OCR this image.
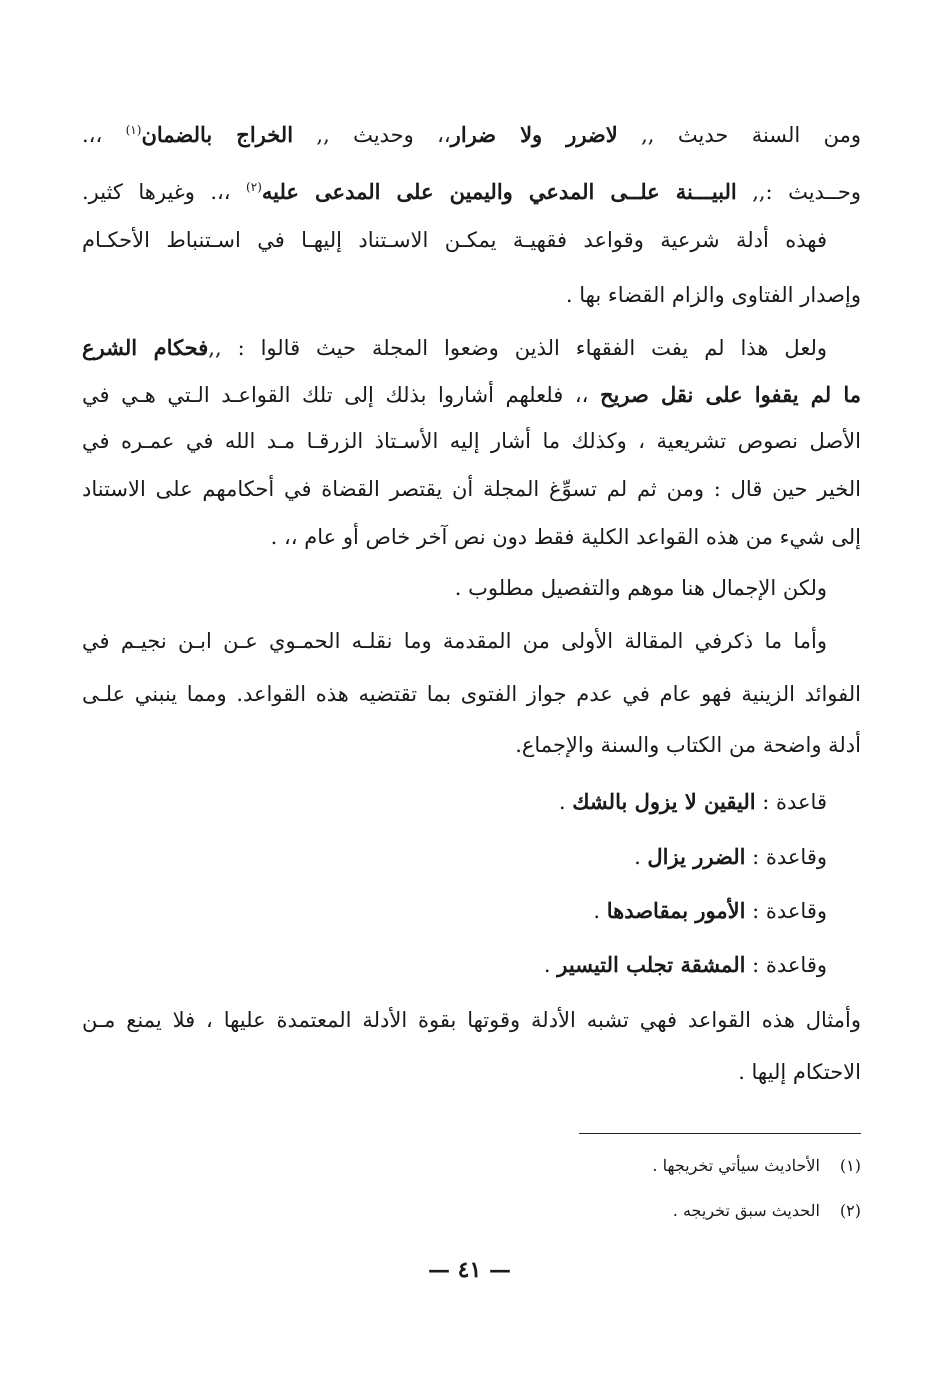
ومن السنة حديث ,, لاضرر ولا ضرار،، وحديث ,, الخراج بالضمان$^{(١)}$ ،،.
وحــديث :,, البيـــنة علــى المدعي واليمين على المدعى عليه$^{(٢)}$ ،،. وغيرها كثير.
فهذه أدلة شرعية وقواعد فقهيـة يمكـن الاسـتناد إليهـا في اسـتنباط الأحكـام
وإصدار الفتاوى والزام القضاء بها .
ولعل هذا لم يفت الفقهاء الذين وضعوا المجلة حيث قالوا : ,,فحكام الشرع
ما لم يقفوا على نقل صريح ،، فلعلهم أشاروا بذلك إلى تلك القواعـد الـتي هـي في
الأصل نصوص تشريعية ، وكذلك ما أشار إليه الأسـتاذ الزرقـا مـد الله في عمـره في
الخير حين قال : ومن ثم لم تسوِّغ المجلة أن يقتصر القضاة في أحكامهم على الاستناد
إلى شيء من هذه القواعد الكلية فقط دون نص آخر خاص أو عام ،، .
ولكن الإجمال هنا موهم والتفصيل مطلوب .
وأما ما ذكرفي المقالة الأولى من المقدمة وما نقلـه الحمـوي عـن ابـن نجيـم في
الفوائد الزينية فهو عام في عدم جواز الفتوى بما تقتضيه هذه القواعد. ومما ينبني علـى
أدلة واضحة من الكتاب والسنة والإجماع.
قاعدة : اليقين لا يزول بالشك .
وقاعدة : الضرر يزال .
وقاعدة : الأمور بمقاصدها .
وقاعدة : المشقة تجلب التيسير .
وأمثال هذه القواعد فهي تشبه الأدلة وقوتها بقوة الأدلة المعتمدة عليها ، فلا يمنع مـن
الاحتكام إليها .
(١)الأحاديث سيأتي تخريجها .
(٢)الحديث سبق تخريجه .
— ٤١ —
